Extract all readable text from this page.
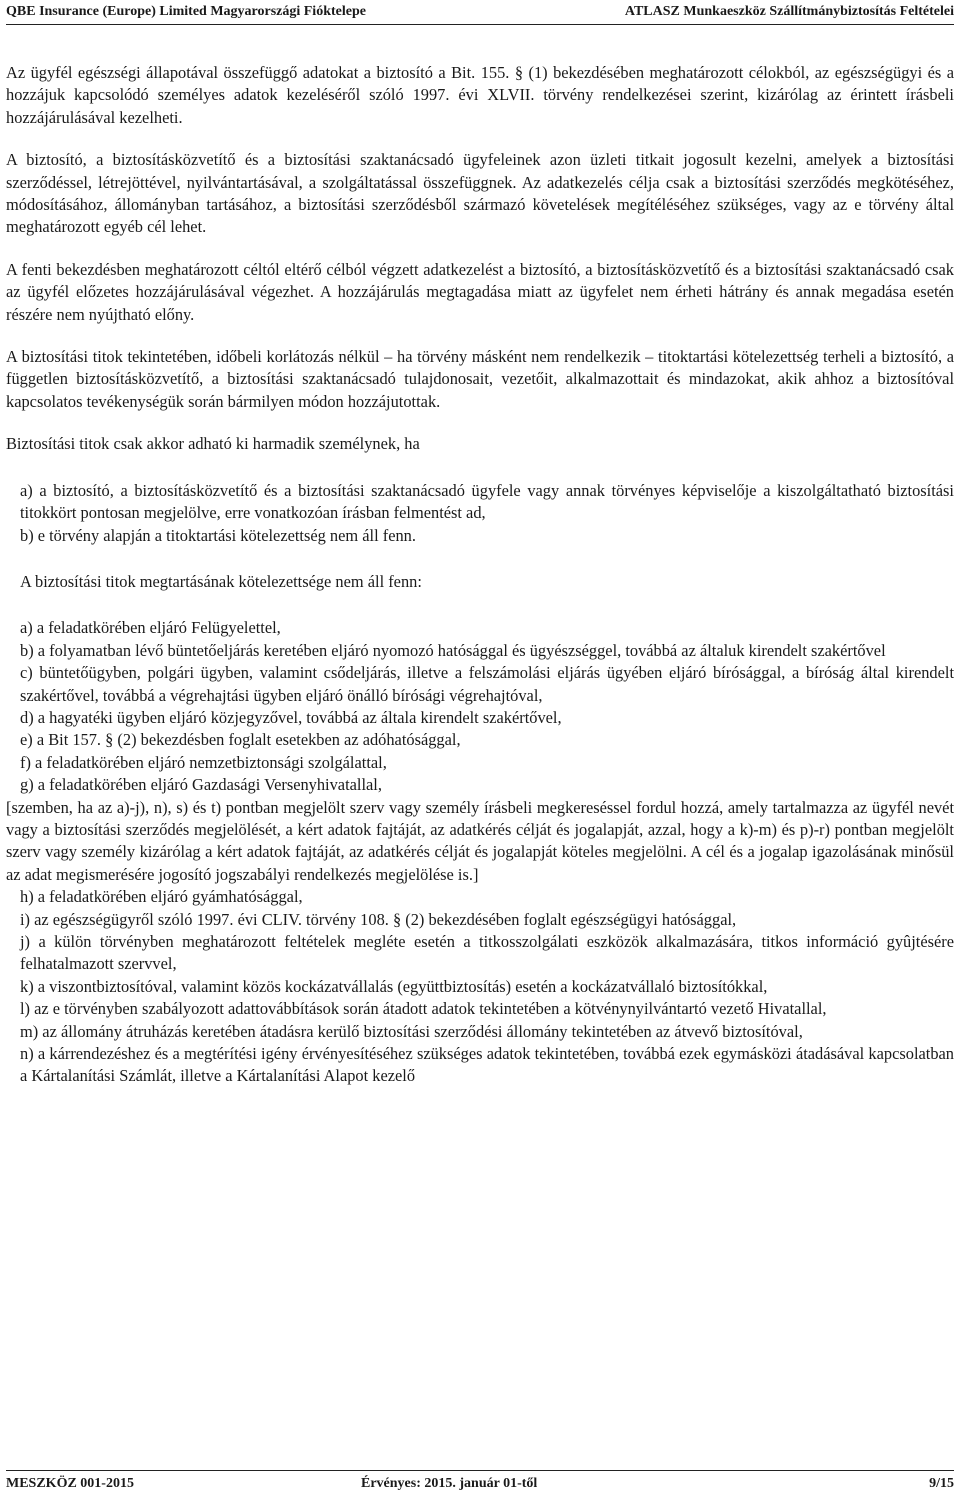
QBE Insurance (Europe) Limited Magyarországi Fióktelepe	ATLASZ Munkaeszköz Szállítmánybiztosítás Feltételei

Az ügyfél egészségi állapotával összefüggő adatokat a biztosító a Bit. 155. § (1) bekezdésében meghatározott célokból, az egészségügyi és a hozzájuk kapcsolódó személyes adatok kezeléséről szóló 1997. évi XLVII. törvény rendelkezései szerint, kizárólag az érintett írásbeli hozzájárulásával kezelheti.

A biztosító, a biztosításközvetítő és a biztosítási szaktanácsadó ügyfeleinek azon üzleti titkait jogosult kezelni, amelyek a biztosítási szerződéssel, létrejöttével, nyilvántartásával, a szolgáltatással összefüggnek. Az adatkezelés célja csak a biztosítási szerződés megkötéséhez, módosításához, állományban tartásához, a biztosítási szerződésből származó követelések megítéléséhez szükséges, vagy az e törvény által meghatározott egyéb cél lehet.

A fenti bekezdésben meghatározott céltól eltérő célból végzett adatkezelést a biztosító, a biztosításközvetítő és a biztosítási szaktanácsadó csak az ügyfél előzetes hozzájárulásával végezhet. A hozzájárulás megtagadása miatt az ügyfelet nem érheti hátrány és annak megadása esetén részére nem nyújtható előny.

A biztosítási titok tekintetében, időbeli korlátozás nélkül – ha törvény másként nem rendelkezik – titoktartási kötelezettség terheli a biztosító, a független biztosításközvetítő, a biztosítási szaktanácsadó tulajdonosait, vezetőit, alkalmazottait és mindazokat, akik ahhoz a biztosítóval kapcsolatos tevékenységük során bármilyen módon hozzájutottak.

Biztosítási titok csak akkor adható ki harmadik személynek, ha

a) a biztosító, a biztosításközvetítő és a biztosítási szaktanácsadó ügyfele vagy annak törvényes képviselője a kiszolgáltatható biztosítási titokkört pontosan megjelölve, erre vonatkozóan írásban felmentést ad,
b) e törvény alapján a titoktartási kötelezettség nem áll fenn.

A biztosítási titok megtartásának kötelezettsége nem áll fenn:

a) a feladatkörében eljáró Felügyelettel,
b) a folyamatban lévő büntetőeljárás keretében eljáró nyomozó hatósággal és ügyészséggel, továbbá az általuk kirendelt szakértővel
c) büntetőügyben, polgári ügyben, valamint csődeljárás, illetve a felszámolási eljárás ügyében eljáró bírósággal, a bíróság által kirendelt szakértővel, továbbá a végrehajtási ügyben eljáró önálló bírósági végrehajtóval,
d) a hagyatéki ügyben eljáró közjegyzővel, továbbá az általa kirendelt szakértővel,
e) a Bit 157. § (2) bekezdésben foglalt esetekben az adóhatósággal,
f) a feladatkörében eljáró nemzetbiztonsági szolgálattal,
g) a feladatkörében eljáró Gazdasági Versenyhivatallal,

[szemben, ha az a)-j), n), s) és t) pontban megjelölt szerv vagy személy írásbeli megkereséssel fordul hozzá, amely tartalmazza az ügyfél nevét vagy a biztosítási szerződés megjelölését, a kért adatok fajtáját, az adatkérés célját és jogalapját, azzal, hogy a k)-m) és p)-r) pontban megjelölt szerv vagy személy kizárólag a kért adatok fajtáját, az adatkérés célját és jogalapját köteles megjelölni. A cél és a jogalap igazolásának minősül az adat megismerésére jogosító jogszabályi rendelkezés megjelölése is.]

h) a feladatkörében eljáró gyámhatósággal,
i) az egészségügyről szóló 1997. évi CLIV. törvény 108. § (2) bekezdésében foglalt egészségügyi hatósággal,
j) a külön törvényben meghatározott feltételek megléte esetén a titkosszolgálati eszközök alkalmazására, titkos információ gyûjtésére felhatalmazott szervvel,
k) a viszontbiztosítóval, valamint közös kockázatvállalás (együttbiztosítás) esetén a kockázatvállaló biztosítókkal,
l) az e törvényben szabályozott adattovábbítások során átadott adatok tekintetében a kötvénynyilvántartó vezető Hivatallal,
m) az állomány átruházás keretében átadásra kerülő biztosítási szerződési állomány tekintetében az átvevő biztosítóval,
n) a kárrendezéshez és a megtérítési igény érvényesítéséhez szükséges adatok tekintetében, továbbá ezek egymásközi átadásával kapcsolatban a Kártalanítási Számlát, illetve a Kártalanítási Alapot kezelő
MESZKÖZ 001-2015	Érvényes: 2015. január 01-től	9/15
